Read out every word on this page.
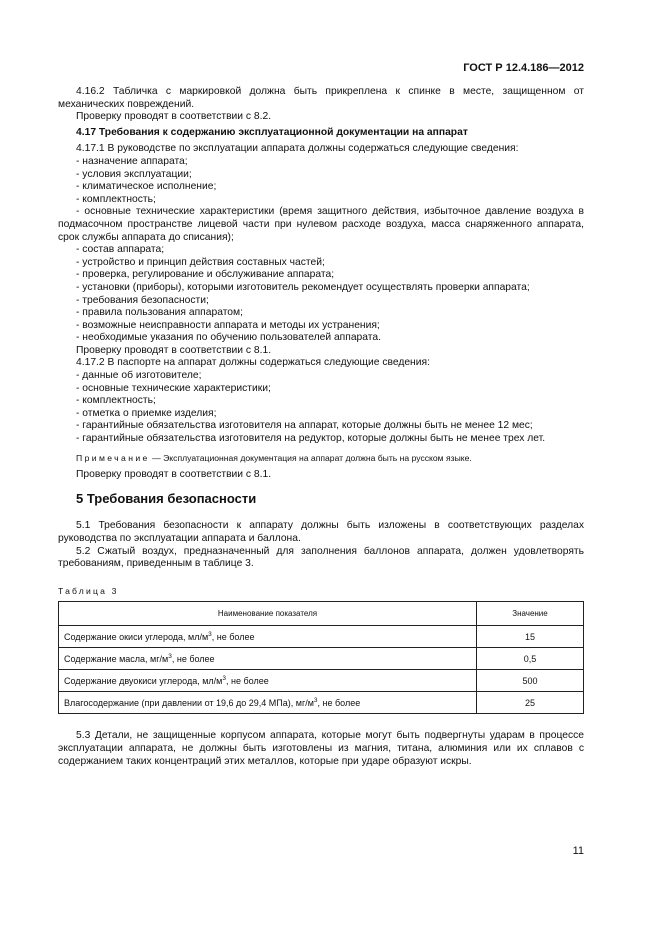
ГОСТ Р 12.4.186—2012
4.16.2 Табличка с маркировкой должна быть прикреплена к спинке в месте, защищенном от механических повреждений.
Проверку проводят в соответствии с 8.2.
4.17 Требования к содержанию эксплуатационной документации на аппарат
4.17.1 В руководстве по эксплуатации аппарата должны содержаться следующие сведения:
- назначение аппарата;
- условия эксплуатации;
- климатическое исполнение;
- комплектность;
- основные технические характеристики (время защитного действия, избыточное давление воздуха в подмасочном пространстве лицевой части при нулевом расходе воздуха, масса снаряженного аппарата, срок службы аппарата до списания);
- состав аппарата;
- устройство и принцип действия составных частей;
- проверка, регулирование и обслуживание аппарата;
- установки (приборы), которыми изготовитель рекомендует осуществлять проверки аппарата;
- требования безопасности;
- правила пользования аппаратом;
- возможные неисправности аппарата и методы их устранения;
- необходимые указания по обучению пользователей аппарата.
Проверку проводят в соответствии с 8.1.
4.17.2 В паспорте на аппарат должны содержаться следующие сведения:
- данные об изготовителе;
- основные технические характеристики;
- комплектность;
- отметка о приемке изделия;
- гарантийные обязательства изготовителя на аппарат, которые должны быть не менее 12 мес;
- гарантийные обязательства изготовителя на редуктор, которые должны быть не менее трех лет.
Примечание — Эксплуатационная документация на аппарат должна быть на русском языке.
Проверку проводят в соответствии с 8.1.
5 Требования безопасности
5.1 Требования безопасности к аппарату должны быть изложены в соответствующих разделах руководства по эксплуатации аппарата и баллона.
5.2 Сжатый воздух, предназначенный для заполнения баллонов аппарата, должен удовлетворять требованиям, приведенным в таблице 3.
Таблица 3
Наименование показателя	Значение
Содержание окиси углерода, $мл/м^3$, не более	15
Содержание масла, $мг/м^3$, не более	0,5
Содержание двуокиси углерода, $мл/м^3$, не более	500
Влагосодержание (при давлении от 19,6 до 29,4 МПа), $мг/м^3$, не более	25
5.3 Детали, не защищенные корпусом аппарата, которые могут быть подвергнуты ударам в процессе эксплуатации аппарата, не должны быть изготовлены из магния, титана, алюминия или их сплавов с содержанием таких концентраций этих металлов, которые при ударе образуют искры.
11
